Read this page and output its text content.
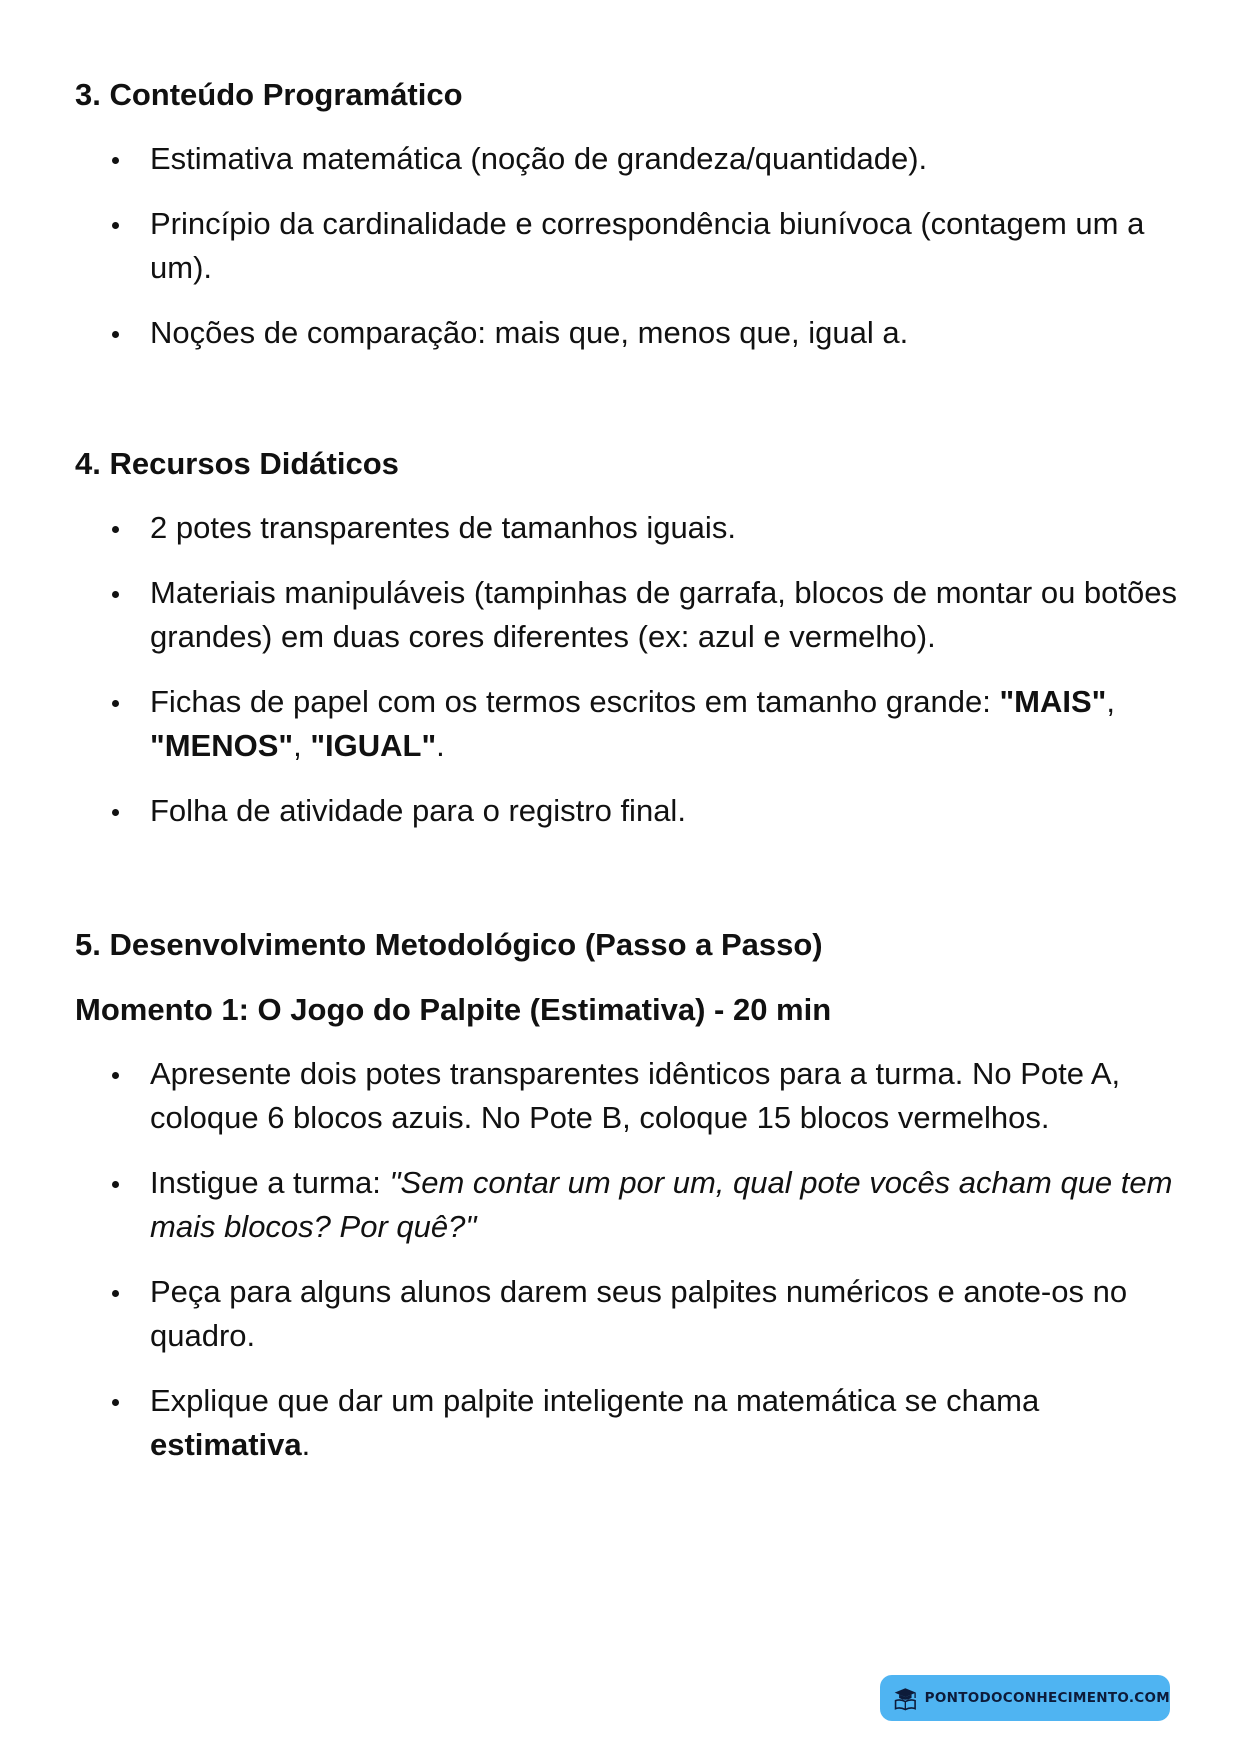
3. Conteúdo Programático
Estimativa matemática (noção de grandeza/quantidade).
Princípio da cardinalidade e correspondência biunívoca (contagem um a um).
Noções de comparação: mais que, menos que, igual a.
4. Recursos Didáticos
2 potes transparentes de tamanhos iguais.
Materiais manipuláveis (tampinhas de garrafa, blocos de montar ou botões grandes) em duas cores diferentes (ex: azul e vermelho).
Fichas de papel com os termos escritos em tamanho grande: "MAIS", "MENOS", "IGUAL".
Folha de atividade para o registro final.
5. Desenvolvimento Metodológico (Passo a Passo)
Momento 1: O Jogo do Palpite (Estimativa) - 20 min
Apresente dois potes transparentes idênticos para a turma. No Pote A, coloque 6 blocos azuis. No Pote B, coloque 15 blocos vermelhos.
Instigue a turma: "Sem contar um por um, qual pote vocês acham que tem mais blocos? Por quê?"
Peça para alguns alunos darem seus palpites numéricos e anote-os no quadro.
Explique que dar um palpite inteligente na matemática se chama estimativa.
PONTODOCONHECIMENTO.COM
